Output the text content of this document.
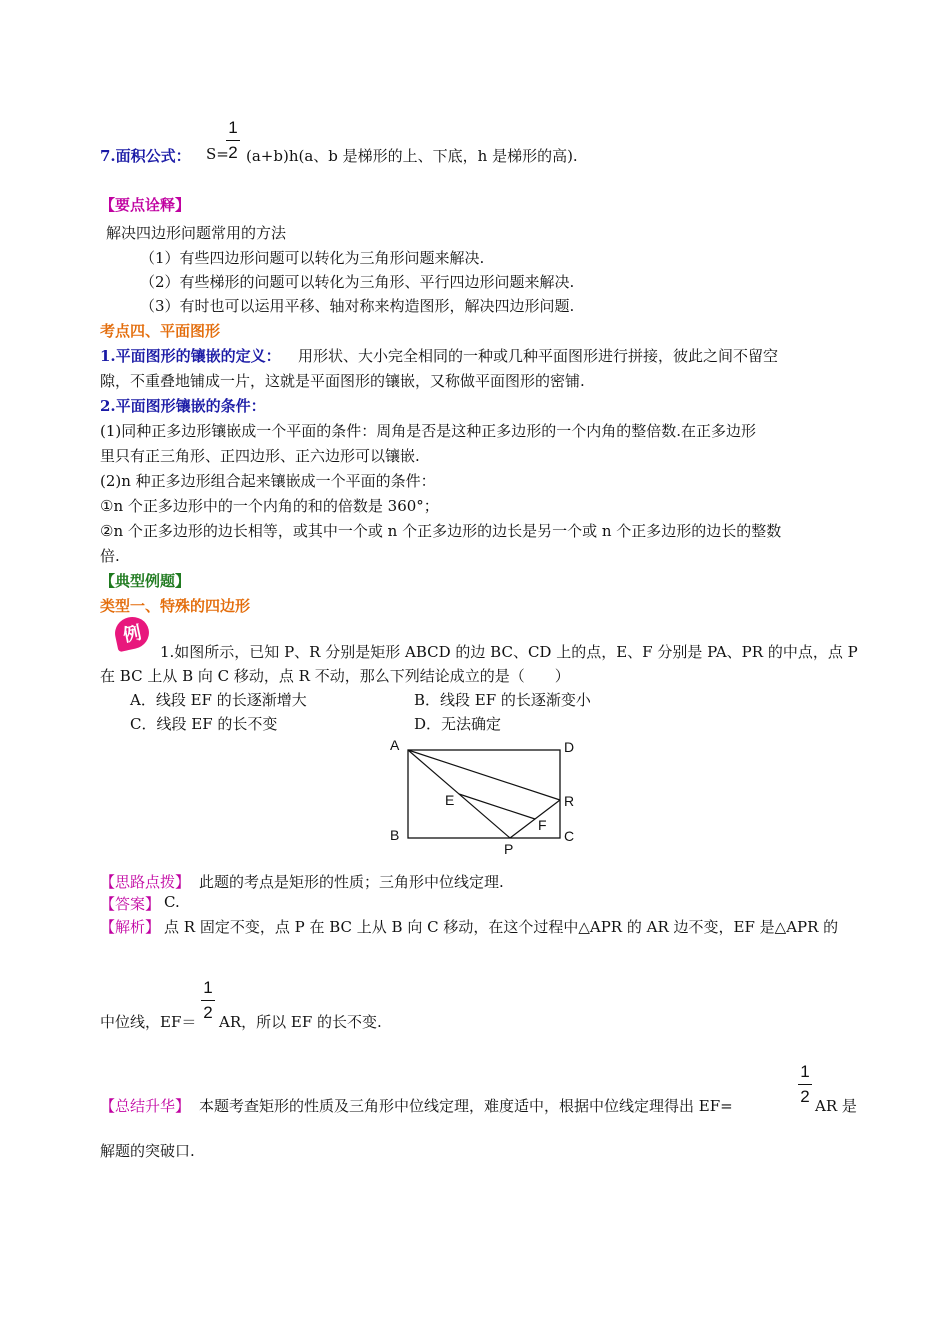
7.面积公式： S=
1
2 (a+b)h(a、b 是梯形的上、下底，h 是梯形的高).
【要点诠释】
解决四边形问题常用的方法
（1）有些四边形问题可以转化为三角形问题来解决.
（2）有些梯形的问题可以转化为三角形、平行四边形问题来解决.
（3）有时也可以运用平移、轴对称来构造图形，解决四边形问题.
考点四、平面图形
1.平面图形的镶嵌的定义： 用形状、大小完全相同的一种或几种平面图形进行拼接，彼此之间不留空
隙，不重叠地铺成一片，这就是平面图形的镶嵌，又称做平面图形的密铺.
2.平面图形镶嵌的条件：
(1)同种正多边形镶嵌成一个平面的条件：周角是否是这种正多边形的一个内角的整倍数.在正多边形
里只有正三角形、正四边形、正六边形可以镶嵌.
(2)n 种正多边形组合起来镶嵌成一个平面的条件：
①n 个正多边形中的一个内角的和的倍数是 360°；
②n 个正多边形的边长相等，或其中一个或 n 个正多边形的边长是另一个或 n 个正多边形的边长的整数
倍.
【典型例题】
类型一、特殊的四边形
例
1.如图所示，已知 P、R 分别是矩形 ABCD 的边 BC、CD 上的点，E、F 分别是 PA、PR 的中点，点 P
在 BC 上从 B 向 C 移动，点 R 不动，那么下列结论成立的是（　　）
A．线段 EF 的长逐渐增大	B．线段 EF 的长逐渐变小
C．线段 EF 的长不变	D．无法确定
A	D
E	R
F
B	C
P
【思路点拨】 此题的考点是矩形的性质；三角形中位线定理.
【答案】 C.
【解析】 点 R 固定不变，点 P 在 BC 上从 B 向 C 移动，在这个过程中△APR 的 AR 边不变，EF 是△APR 的
中位线，EF＝
1
2 AR，所以 EF 的长不变.
【总结升华】 本题考查矩形的性质及三角形中位线定理，难度适中，根据中位线定理得出 EF=
1
2 AR 是
解题的突破口.
